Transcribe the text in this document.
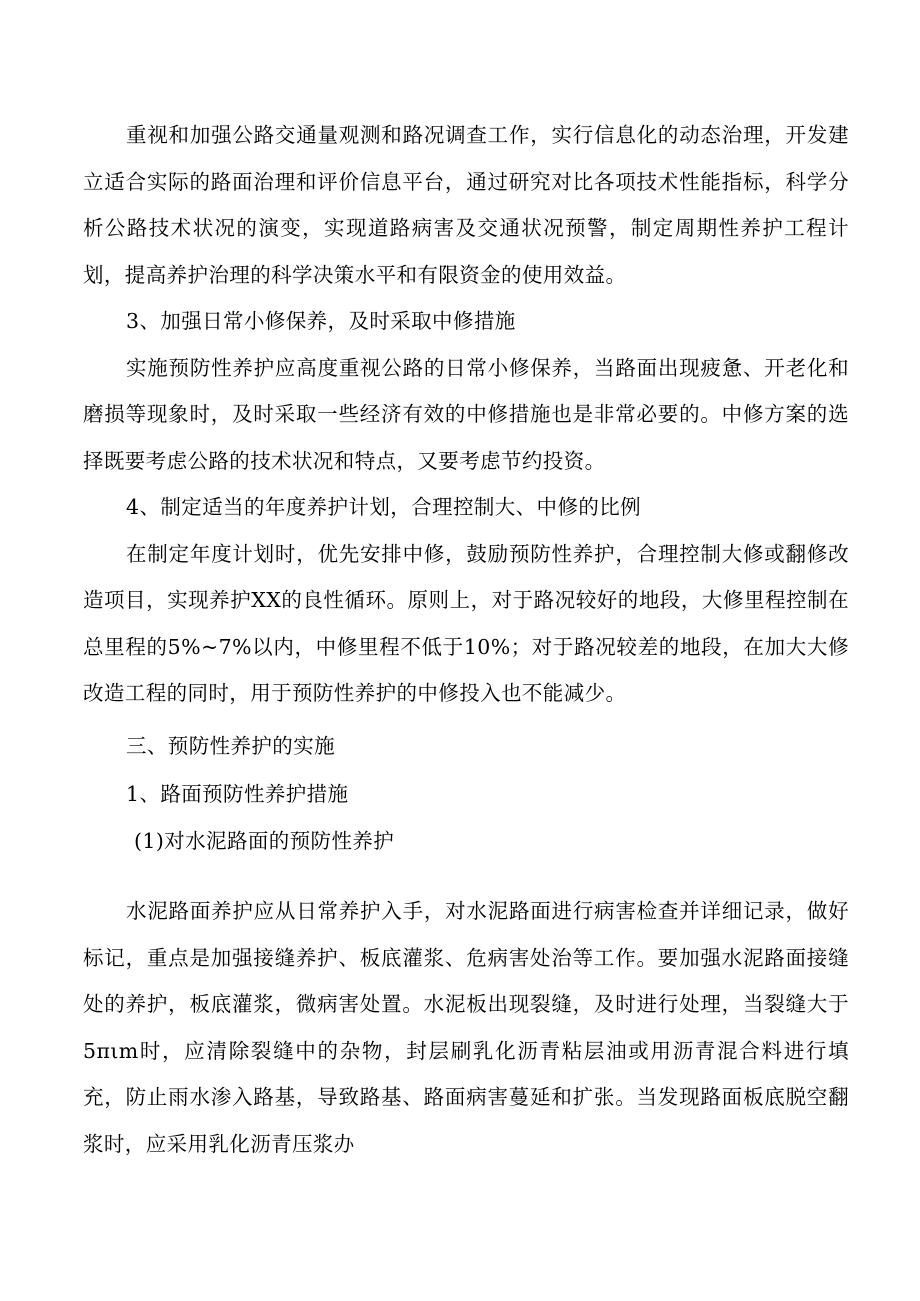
重视和加强公路交通量观测和路况调查工作，实行信息化的动态治理，开发建立适合实际的路面治理和评价信息平台，通过研究对比各项技术性能指标，科学分析公路技术状况的演变，实现道路病害及交通状况预警，制定周期性养护工程计划，提高养护治理的科学决策水平和有限资金的使用效益。

3、加强日常小修保养，及时采取中修措施

实施预防性养护应高度重视公路的日常小修保养，当路面出现疲惫、开老化和磨损等现象时，及时采取一些经济有效的中修措施也是非常必要的。中修方案的选择既要考虑公路的技术状况和特点，又要考虑节约投资。

4、制定适当的年度养护计划，合理控制大、中修的比例

在制定年度计划时，优先安排中修，鼓励预防性养护，合理控制大修或翻修改造项目，实现养护XX的良性循环。原则上，对于路况较好的地段，大修里程控制在总里程的5%~7%以内，中修里程不低于10%；对于路况较差的地段，在加大大修改造工程的同时，用于预防性养护的中修投入也不能减少。

三、预防性养护的实施

1、路面预防性养护措施

(1)对水泥路面的预防性养护

水泥路面养护应从日常养护入手，对水泥路面进行病害检查并详细记录，做好标记，重点是加强接缝养护、板底灌浆、危病害处治等工作。要加强水泥路面接缝处的养护，板底灌浆，微病害处置。水泥板出现裂缝，及时进行处理，当裂缝大于5πιm时，应清除裂缝中的杂物，封层刷乳化沥青粘层油或用沥青混合料进行填充，防止雨水渗入路基，导致路基、路面病害蔓延和扩张。当发现路面板底脱空翻浆时，应采用乳化沥青压浆办
